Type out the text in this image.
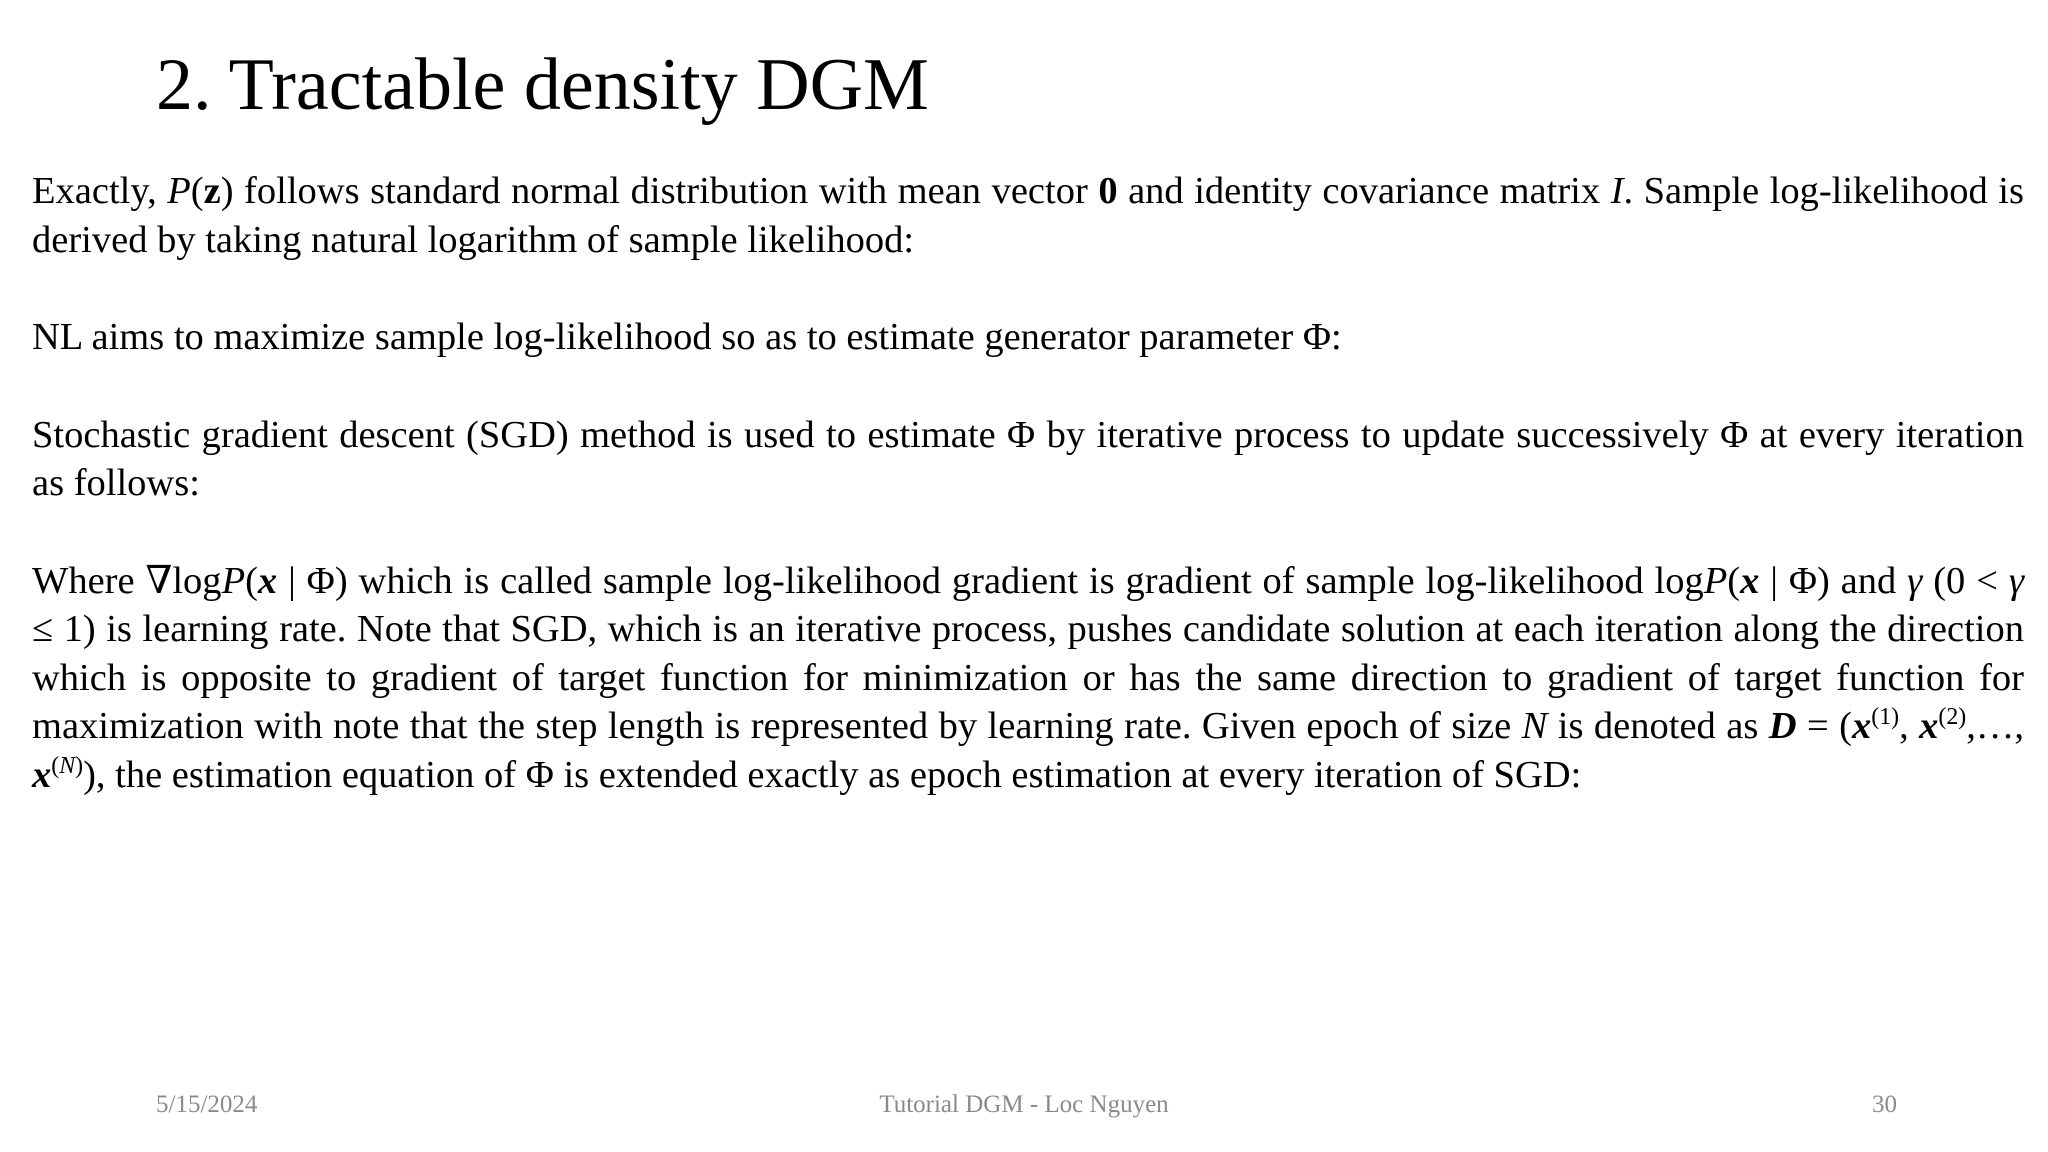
2. Tractable density DGM

Exactly, P(z) follows standard normal distribution with mean vector 0 and identity covariance matrix I. Sample log-likelihood is derived by taking natural logarithm of sample likelihood:

NL aims to maximize sample log-likelihood so as to estimate generator parameter Φ:

Stochastic gradient descent (SGD) method is used to estimate Φ by iterative process to update successively Φ at every iteration as follows:

Where ∇logP(x | Φ) which is called sample log-likelihood gradient is gradient of sample log-likelihood logP(x | Φ) and γ (0 < γ ≤ 1) is learning rate. Note that SGD, which is an iterative process, pushes candidate solution at each iteration along the direction which is opposite to gradient of target function for minimization or has the same direction to gradient of target function for maximization with note that the step length is represented by learning rate. Given epoch of size N is denoted as $D = (x^{(1)}$, $x^{(2)},\dots$, $x^{(N)}$), the estimation equation of Φ is extended exactly as epoch estimation at every iteration of SGD:

5/15/2024	Tutorial DGM - Loc Nguyen	30
